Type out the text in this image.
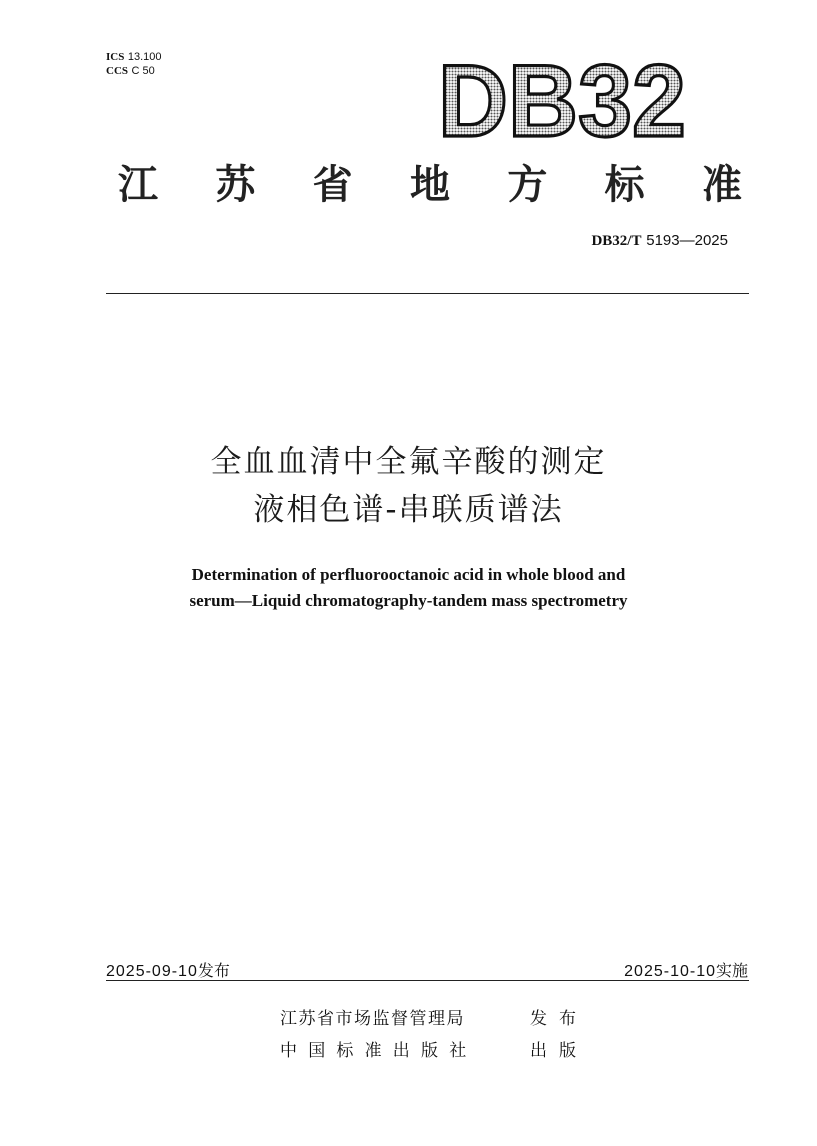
ICS 13.100
CCS C 50	DB32
江 苏 省 地 方 标 准
DB32/T 5193—2025
全血血清中全氟辛酸的测定
液相色谱-串联质谱法
Determination of perfluorooctanoic acid in whole blood and
serum—Liquid chromatography-tandem mass spectrometry
2025-09-10发布	2025-10-10实施
江苏省市场监督管理局	发布
中国标准出版社	出版
